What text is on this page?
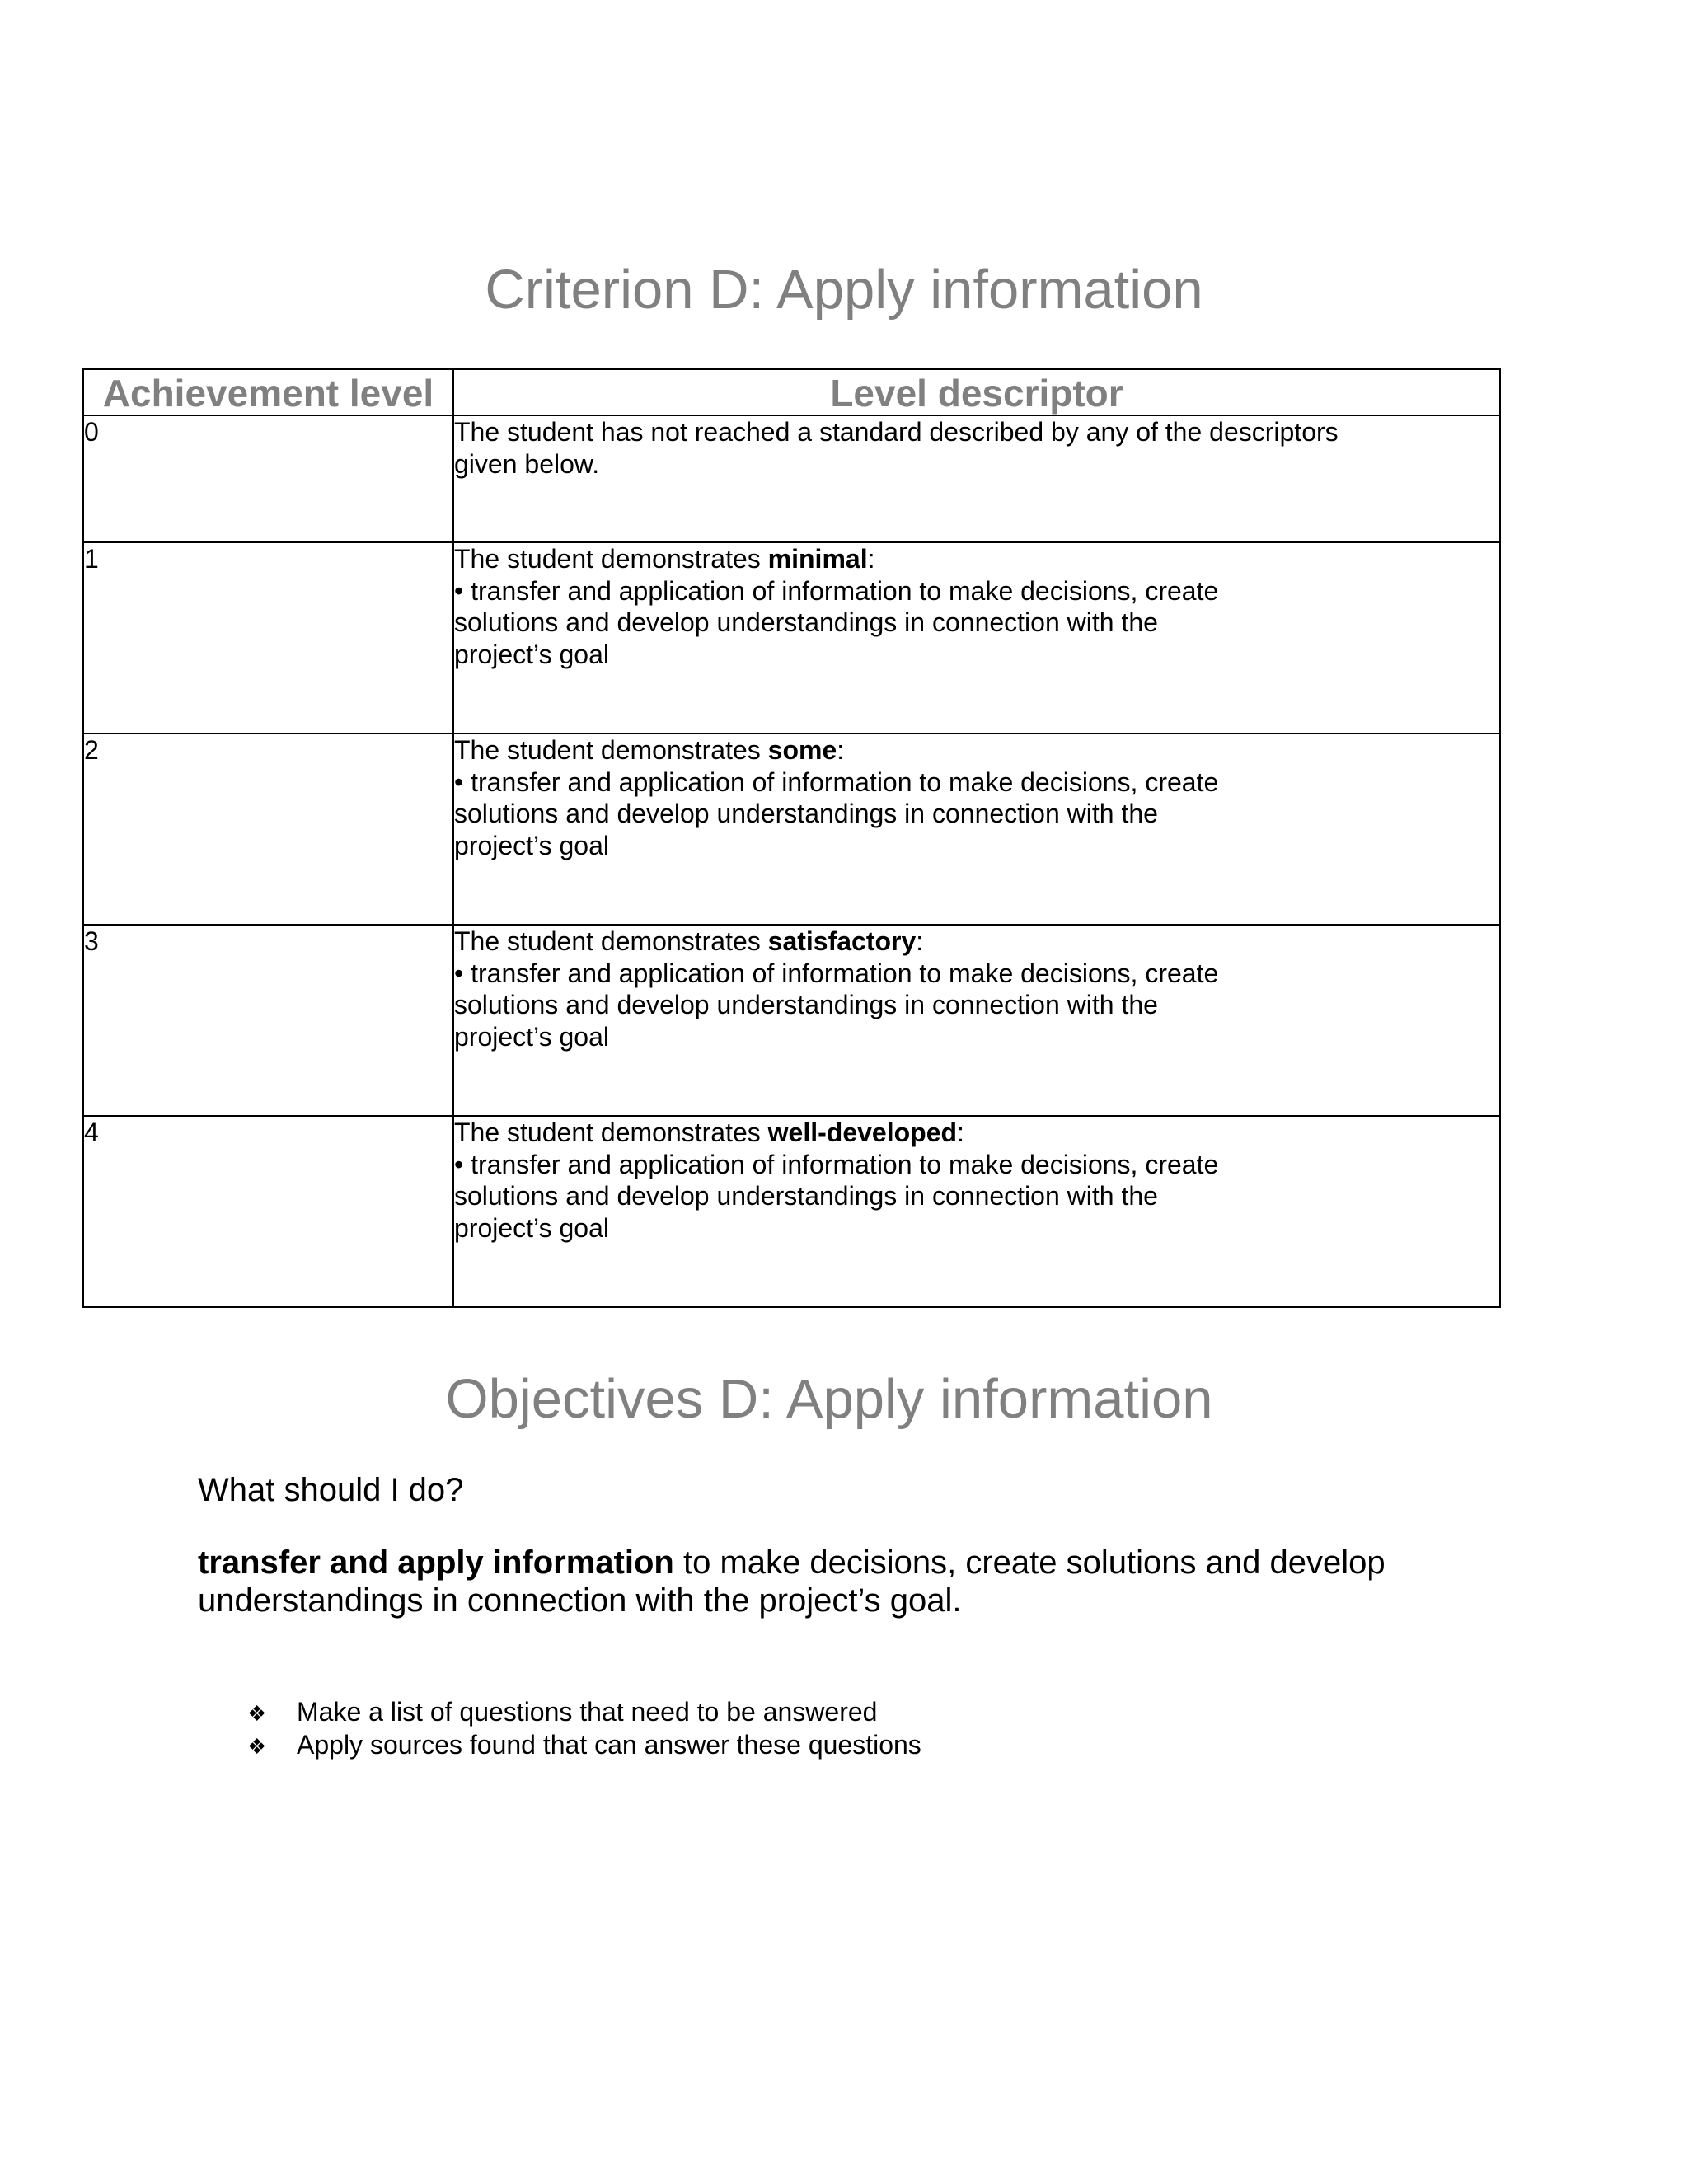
Criterion D: Apply information
Achievement level	Level descriptor
0	The student has not reached a standard described by any of the descriptors given below.

1	The student demonstrates minimal:
• transfer and application of information to make decisions, create solutions and develop understandings in connection with the project’s goal

2	The student demonstrates some:
• transfer and application of information to make decisions, create solutions and develop understandings in connection with the project’s goal

3	The student demonstrates satisfactory:
• transfer and application of information to make decisions, create solutions and develop understandings in connection with the project’s goal

4	The student demonstrates well-developed:
• transfer and application of information to make decisions, create solutions and develop understandings in connection with the project’s goal
Objectives D: Apply information

What should I do?

transfer and apply information to make decisions, create solutions and develop understandings in connection with the project’s goal.

❖	Make a list of questions that need to be answered
❖	Apply sources found that can answer these questions
